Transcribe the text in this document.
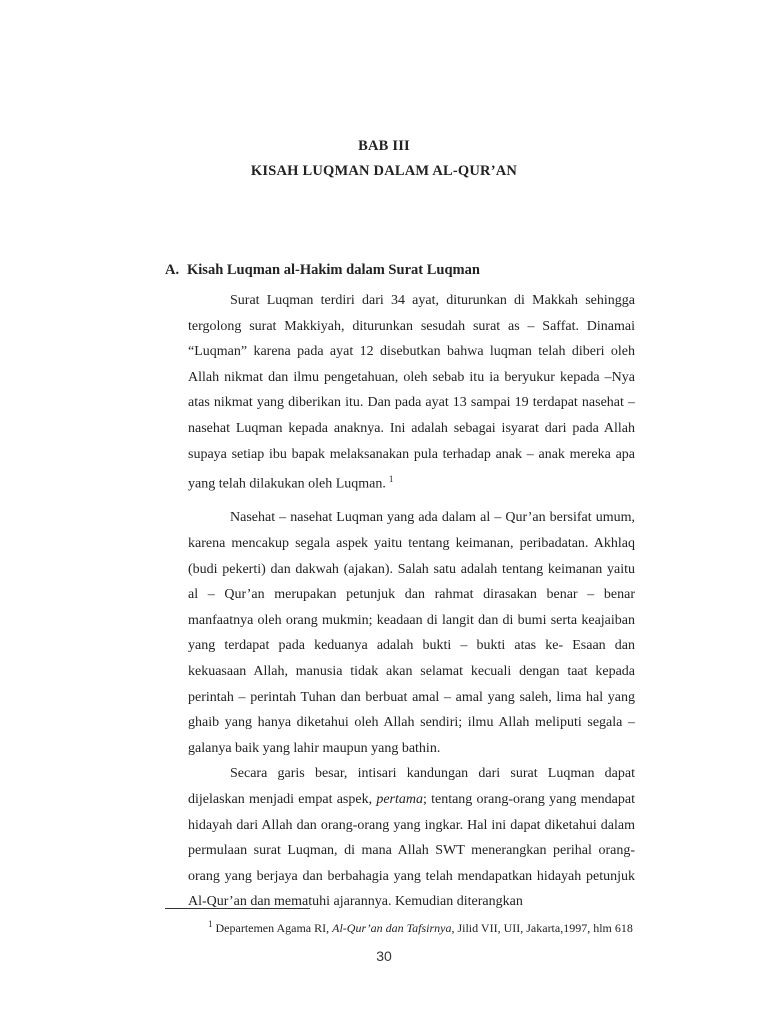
BAB III
KISAH LUQMAN DALAM AL-QUR’AN
A. Kisah Luqman al-Hakim dalam Surat Luqman

Surat Luqman terdiri dari 34 ayat, diturunkan di Makkah sehingga tergolong surat Makkiyah, diturunkan sesudah surat as – Saffat. Dinamai “Luqman” karena pada ayat 12 disebutkan bahwa luqman telah diberi oleh Allah nikmat dan ilmu pengetahuan, oleh sebab itu ia beryukur kepada –Nya atas nikmat yang diberikan itu. Dan pada ayat 13 sampai 19 terdapat nasehat – nasehat Luqman kepada anaknya. Ini adalah sebagai isyarat dari pada Allah supaya setiap ibu bapak melaksanakan pula terhadap anak – anak mereka apa yang telah dilakukan oleh Luqman. $^1$

Nasehat – nasehat Luqman yang ada dalam al – Qur’an bersifat umum, karena mencakup segala aspek yaitu tentang keimanan, peribadatan. Akhlaq (budi pekerti) dan dakwah (ajakan). Salah satu adalah tentang keimanan yaitu al – Qur’an merupakan petunjuk dan rahmat dirasakan benar – benar manfaatnya oleh orang mukmin; keadaan di langit dan di bumi serta keajaiban yang terdapat pada keduanya adalah bukti – bukti atas ke- Esaan dan kekuasaan Allah, manusia tidak akan selamat kecuali dengan taat kepada perintah – perintah Tuhan dan berbuat amal – amal yang saleh, lima hal yang ghaib yang hanya diketahui oleh Allah sendiri; ilmu Allah meliputi segala – galanya baik yang lahir maupun yang bathin.

Secara garis besar, intisari kandungan dari surat Luqman dapat dijelaskan menjadi empat aspek, pertama; tentang orang-orang yang mendapat hidayah dari Allah dan orang-orang yang ingkar. Hal ini dapat diketahui dalam permulaan surat Luqman, di mana Allah SWT menerangkan perihal orang-orang yang berjaya dan berbahagia yang telah mendapatkan hidayah petunjuk Al-Qur’an dan mematuhi ajarannya. Kemudian diterangkan

$^1$ Departemen Agama RI, Al-Qur’an dan Tafsirnya, Jilid VII, UII, Jakarta,1997, hlm 618
30
